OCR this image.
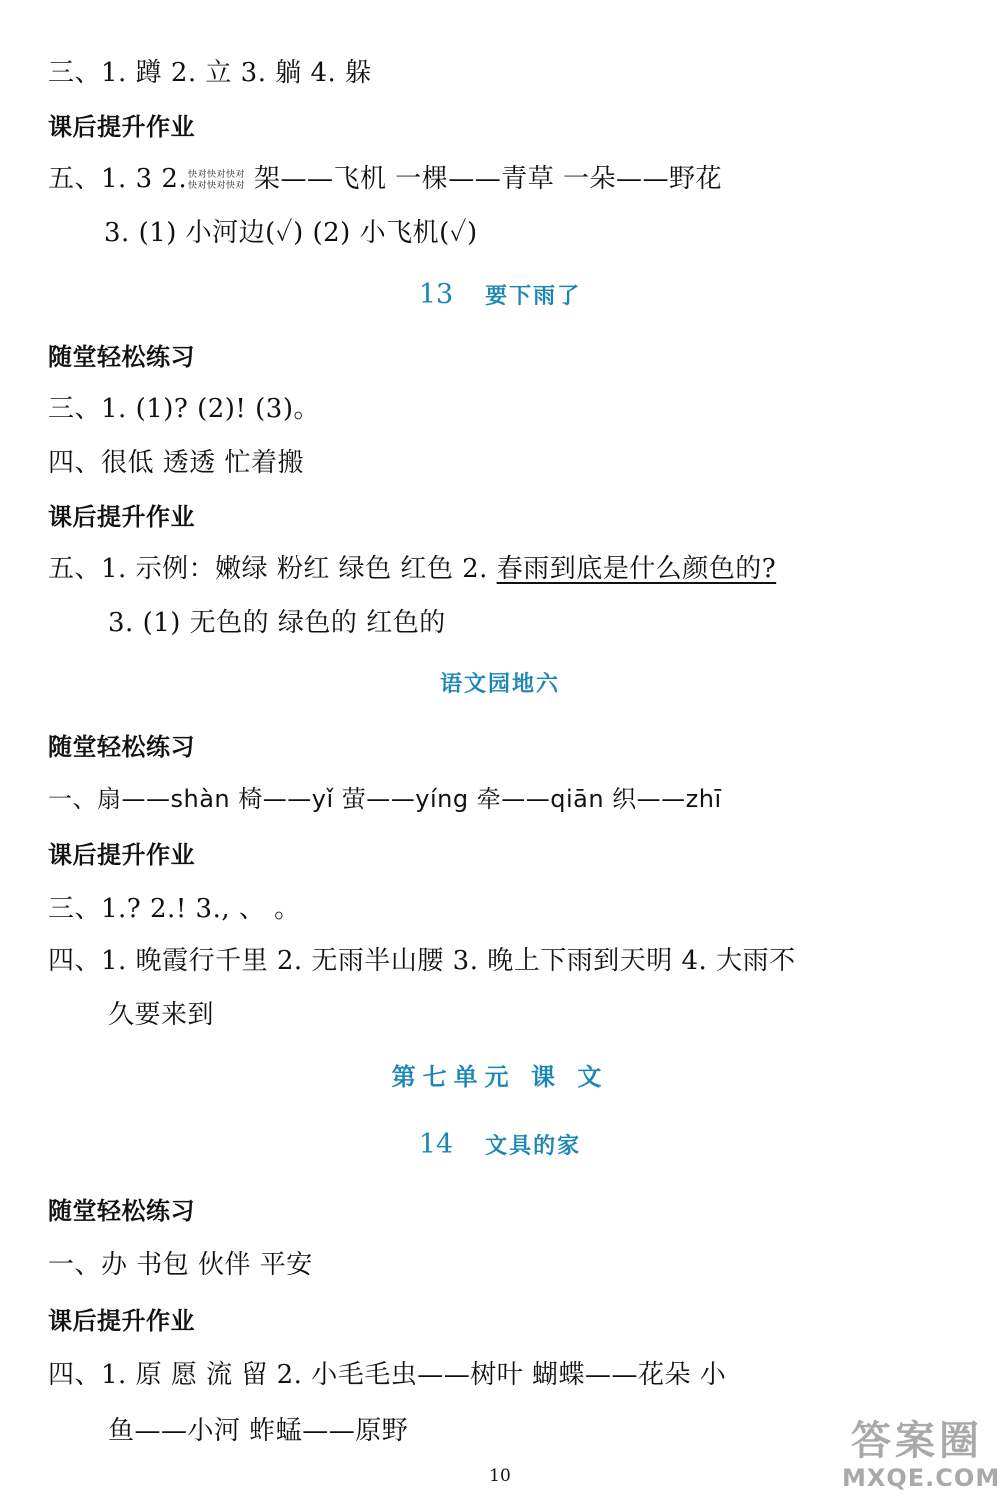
三、1. 蹲 2. 立 3. 躺 4. 躲
课后提升作业
五、1. 3 2.
快对快对快对
快对快对快对 架——飞机 一棵——青草 一朵——野花
3. (1) 小河边(✓) (2) 小飞机(✓)
13 要下雨了
随堂轻松练习
三、1. (1)? (2)! (3)。
四、很低 透透 忙着搬
课后提升作业
五、1. 示例：嫩绿 粉红 绿色 红色 2. 春雨到底是什么颜色的?
3. (1) 无色的 绿色的 红色的
语文园地六
随堂轻松练习
一、扇——shàn 椅——yǐ 萤——yíng 牵——qiān 织——zhī
课后提升作业
三、1.? 2.! 3., 、 。
四、1. 晚霞行千里 2. 无雨半山腰 3. 晚上下雨到天明 4. 大雨不
久要来到
第七单元 课 文
14 文具的家
随堂轻松练习
一、办 书包 伙伴 平安
课后提升作业
四、1. 原 愿 流 留 2. 小毛毛虫——树叶 蝴蝶——花朵 小
鱼——小河 蚱蜢——原野	答案圈
MXQE.COM
10
